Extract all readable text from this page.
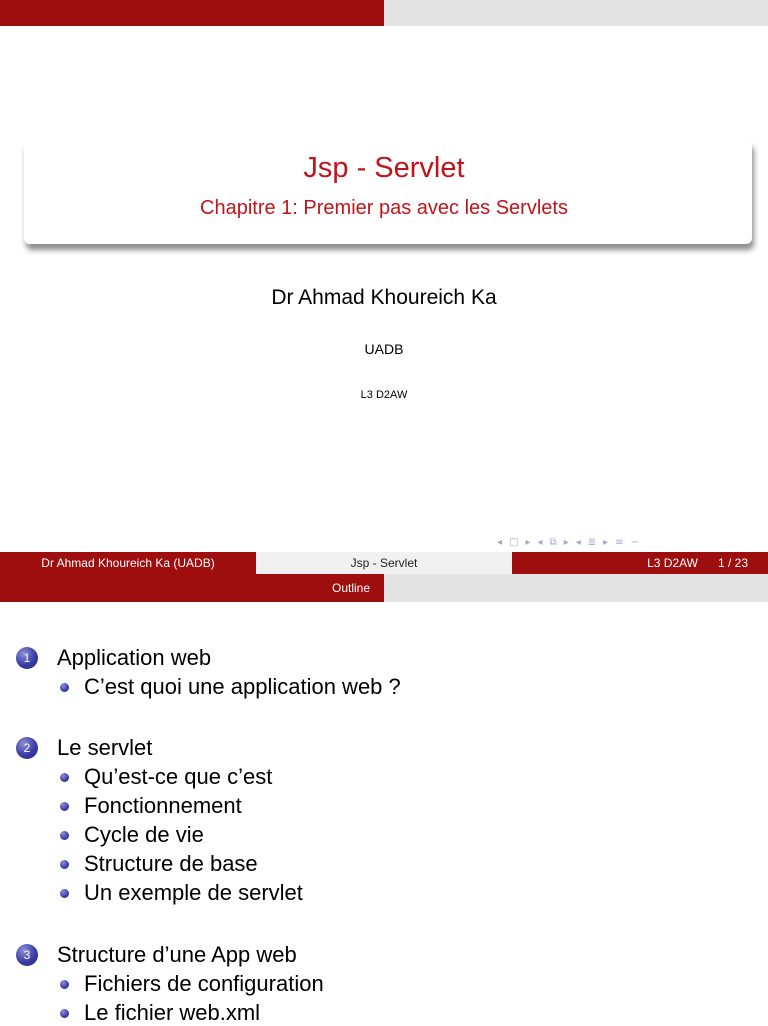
Jsp - Servlet
Chapitre 1: Premier pas avec les Servlets
Dr Ahmad Khoureich Ka
UADB
L3 D2AW
◂ □ ▸ ◂ ⧉ ▸ ◂ ≣ ▸ ≡ ∽
Dr Ahmad Khoureich Ka (UADB)	Jsp - Servlet	L3 D2AW	1 / 23
Outline
1	Application web
C’est quoi une application web ?
2	Le servlet
Qu’est-ce que c’est
Fonctionnement
Cycle de vie
Structure de base
Un exemple de servlet
3	Structure d’une App web
Fichiers de configuration
Le fichier web.xml
